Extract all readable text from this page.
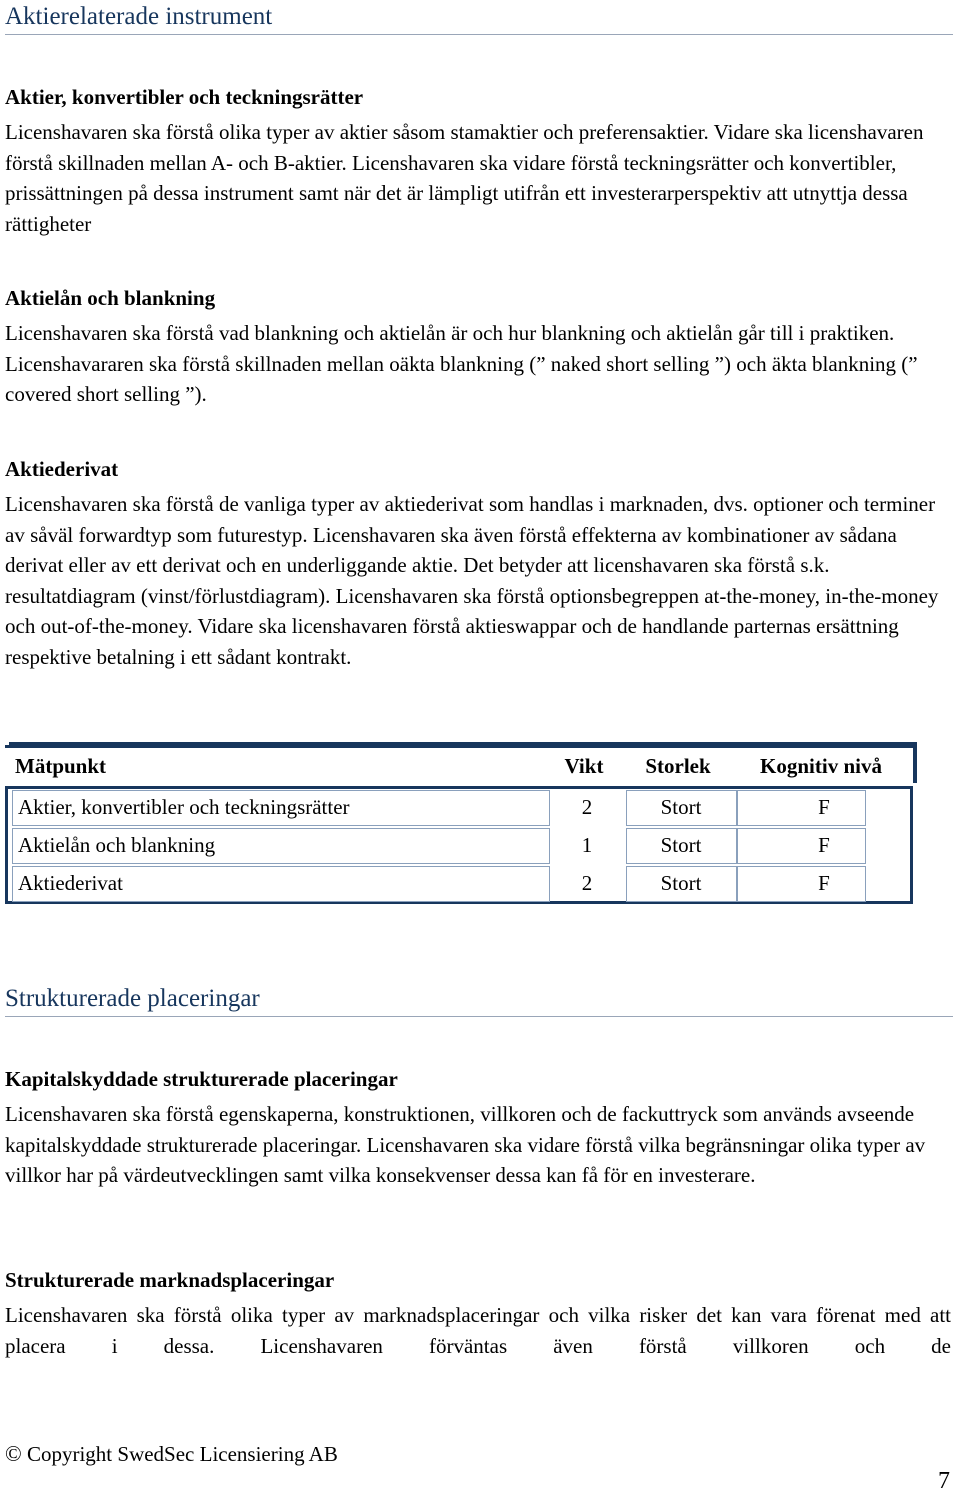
Aktierelaterade instrument
Aktier, konvertibler och teckningsrätter

Licenshavaren ska förstå olika typer av aktier såsom stamaktier och preferensaktier. Vidare ska licenshavaren förstå skillnaden mellan A- och B-aktier. Licenshavaren ska vidare förstå teckningsrätter och konvertibler, prissättningen på dessa instrument samt när det är lämpligt utifrån ett investerarperspektiv att utnyttja dessa rättigheter

Aktielån och blankning

Licenshavaren ska förstå vad blankning och aktielån är och hur blankning och aktielån går till i praktiken. Licenshavararen ska förstå skillnaden mellan oäkta blankning (” naked short selling ”) och äkta blankning (” covered short selling ”).

Aktiederivat

Licenshavaren ska förstå de vanliga typer av aktiederivat som handlas i marknaden, dvs. optioner och terminer av såväl forwardtyp som futurestyp. Licenshavaren ska även förstå effekterna av kombinationer av sådana derivat eller av ett derivat och en underliggande aktie. Det betyder att licenshavaren ska förstå s.k. resultatdiagram (vinst/förlustdiagram). Licenshavaren ska förstå optionsbegreppen at-the-money, in-the-money och out-of-the-money. Vidare ska licenshavaren förstå aktieswappar och de handlande parternas ersättning respektive betalning i ett sådant kontrakt.

Mätpunkt	Vikt	Storlek	Kognitiv nivå
Aktier, konvertibler och teckningsrätter	2	Stort	F
Aktielån och blankning	1	Stort	F
Aktiederivat	2	Stort	F
Strukturerade placeringar
Kapitalskyddade strukturerade placeringar

Licenshavaren ska förstå egenskaperna, konstruktionen, villkoren och de fackuttryck som används avseende kapitalskyddade strukturerade placeringar. Licenshavaren ska vidare förstå vilka begränsningar olika typer av villkor har på värdeutvecklingen samt vilka konsekvenser dessa kan få för en investerare.

Strukturerade marknadsplaceringar

Licenshavaren ska förstå olika typer av marknadsplaceringar och vilka risker det kan vara förenat med att placera i dessa. Licenshavaren förväntas även förstå villkoren och de

© Copyright SwedSec Licensiering AB
7
